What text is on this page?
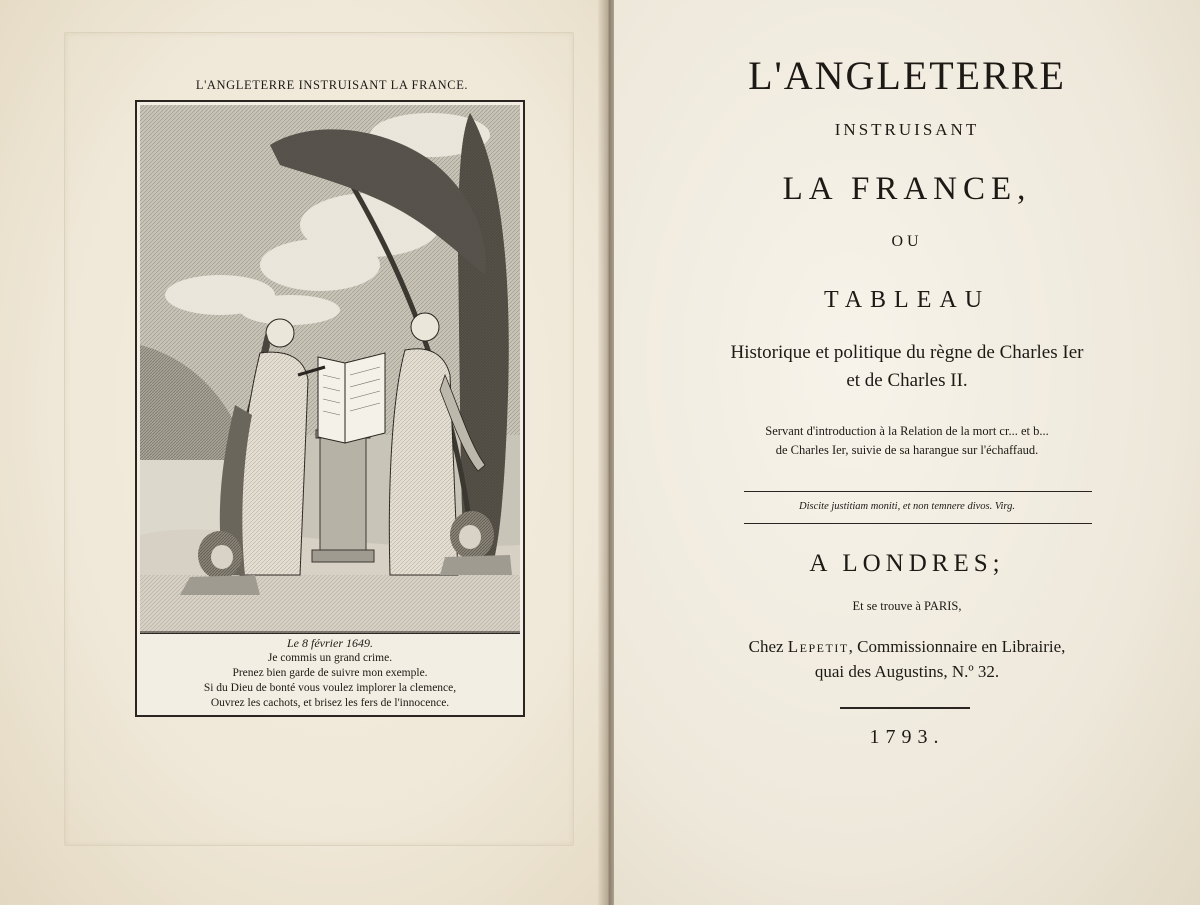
L'ANGLETERRE INSTRUISANT LA FRANCE.
Le 8 février 1649.
Je commis un grand crime.
Prenez bien garde de suivre mon exemple.
Si du Dieu de bonté vous voulez implorer la clemence,
Ouvrez les cachots, et brisez les fers de l'innocence.
L'ANGLETERRE
INSTRUISANT
LA FRANCE,
OU
TABLEAU
Historique et politique du règne de Charles Ier
et de Charles II.
Servant d'introduction à la Relation de la mort cr... et b...
de Charles Ier, suivie de sa harangue sur l'échaffaud.
Discite justitiam moniti, et non temnere divos. Virg.
A LONDRES;
Et se trouve à PARIS,
Chez Lepetit, Commissionnaire en Librairie,
quai des Augustins, N.º 32.
1793.
